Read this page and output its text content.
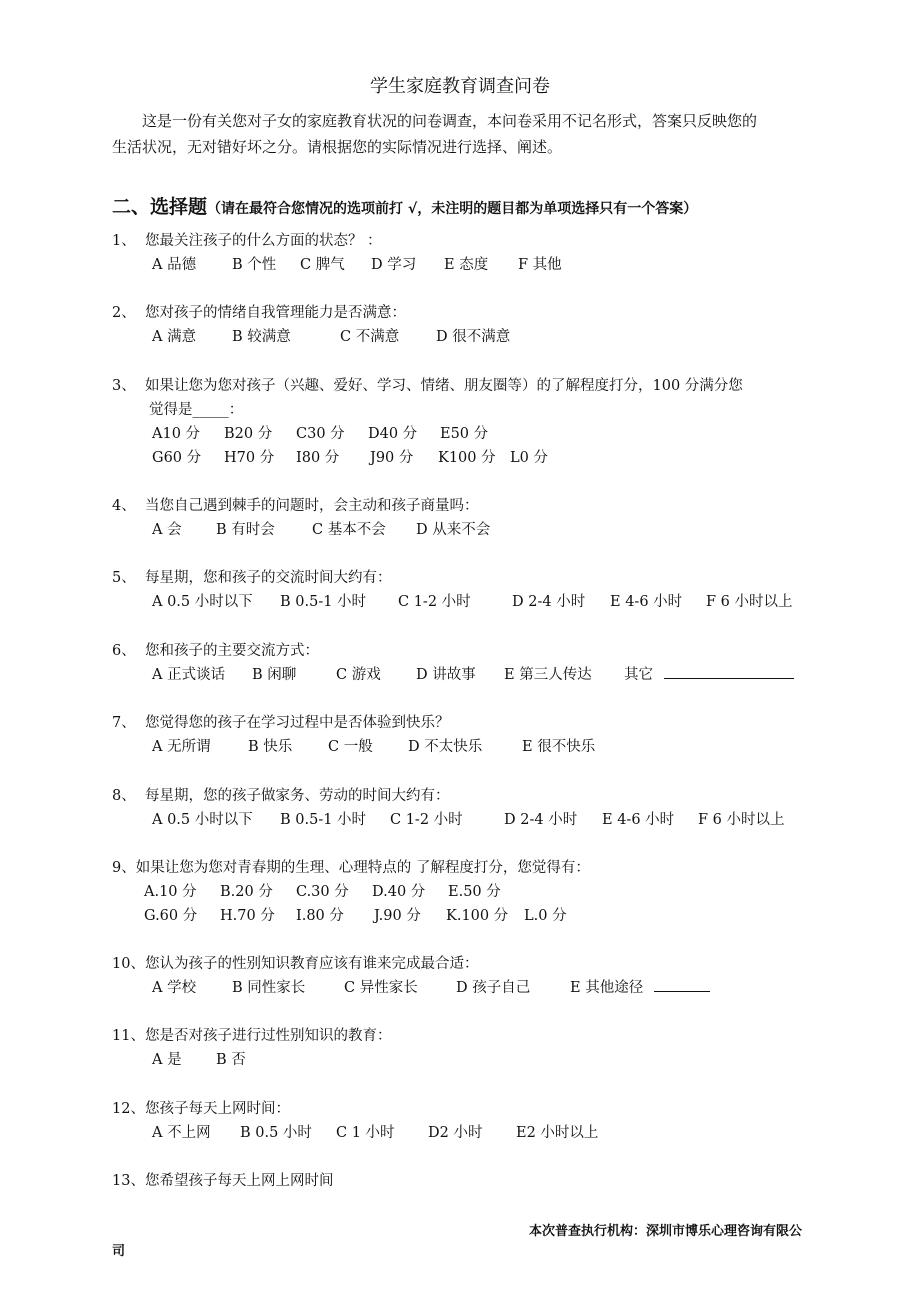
学生家庭教育调查问卷
这是一份有关您对子女的家庭教育状况的问卷调查，本问卷采用不记名形式，答案只反映您的
生活状况，无对错好坏之分。请根据您的实际情况进行选择、阐述。
二、选择题（请在最符合您情况的选项前打 √，未注明的题目都为单项选择只有一个答案）
1、 您最关注孩子的什么方面的状态？ ：
A 品德 B 个性 C 脾气 D 学习 E 态度 F 其他
2、 您对孩子的情绪自我管理能力是否满意：
A 满意 B 较满意	C 不满意	D 很不满意
3、 如果让您为您对孩子（兴趣、爱好、学习、情绪、朋友圈等）的了解程度打分，100 分满分您
觉得是_____：
A10 分 B20 分 C30 分 D40 分 E50 分
G60 分 H70 分 I80 分 J90 分 K100 分 L0 分
4、 当您自己遇到棘手的问题时，会主动和孩子商量吗：
A 会 B 有时会	C 基本不会 D 从来不会
5、 每星期，您和孩子的交流时间大约有：
A 0.5 小时以下 B 0.5-1 小时 C 1-2 小时	D 2-4 小时 E 4-6 小时 F 6 小时以上
6、 您和孩子的主要交流方式：
A 正式谈话 B 闲聊	C 游戏 D 讲故事 E 第三人传达 其它
7、 您觉得您的孩子在学习过程中是否体验到快乐？
A 无所谓	B 快乐 C 一般 D 不太快乐	E 很不快乐
8、 每星期，您的孩子做家务、劳动的时间大约有：
A 0.5 小时以下 B 0.5-1 小时 C 1-2 小时	D 2-4 小时 E 4-6 小时 F 6 小时以上
9、如果让您为您对青春期的生理、心理特点的 了解程度打分，您觉得有：
A.10 分 B.20 分 C.30 分 D.40 分 E.50 分
G.60 分 H.70 分 I.80 分 J.90 分 K.100 分 L.0 分
10、您认为孩子的性别知识教育应该有谁来完成最合适：
A 学校 B 同性家长	C 异性家长	D 孩子自己	E 其他途径
11、您是否对孩子进行过性别知识的教育：
A 是 B 否
12、您孩子每天上网时间：
A 不上网 B 0.5 小时 C 1 小时 D2 小时 E2 小时以上
13、您希望孩子每天上网上网时间
本次普查执行机构：深圳市博乐心理咨询有限公
司
